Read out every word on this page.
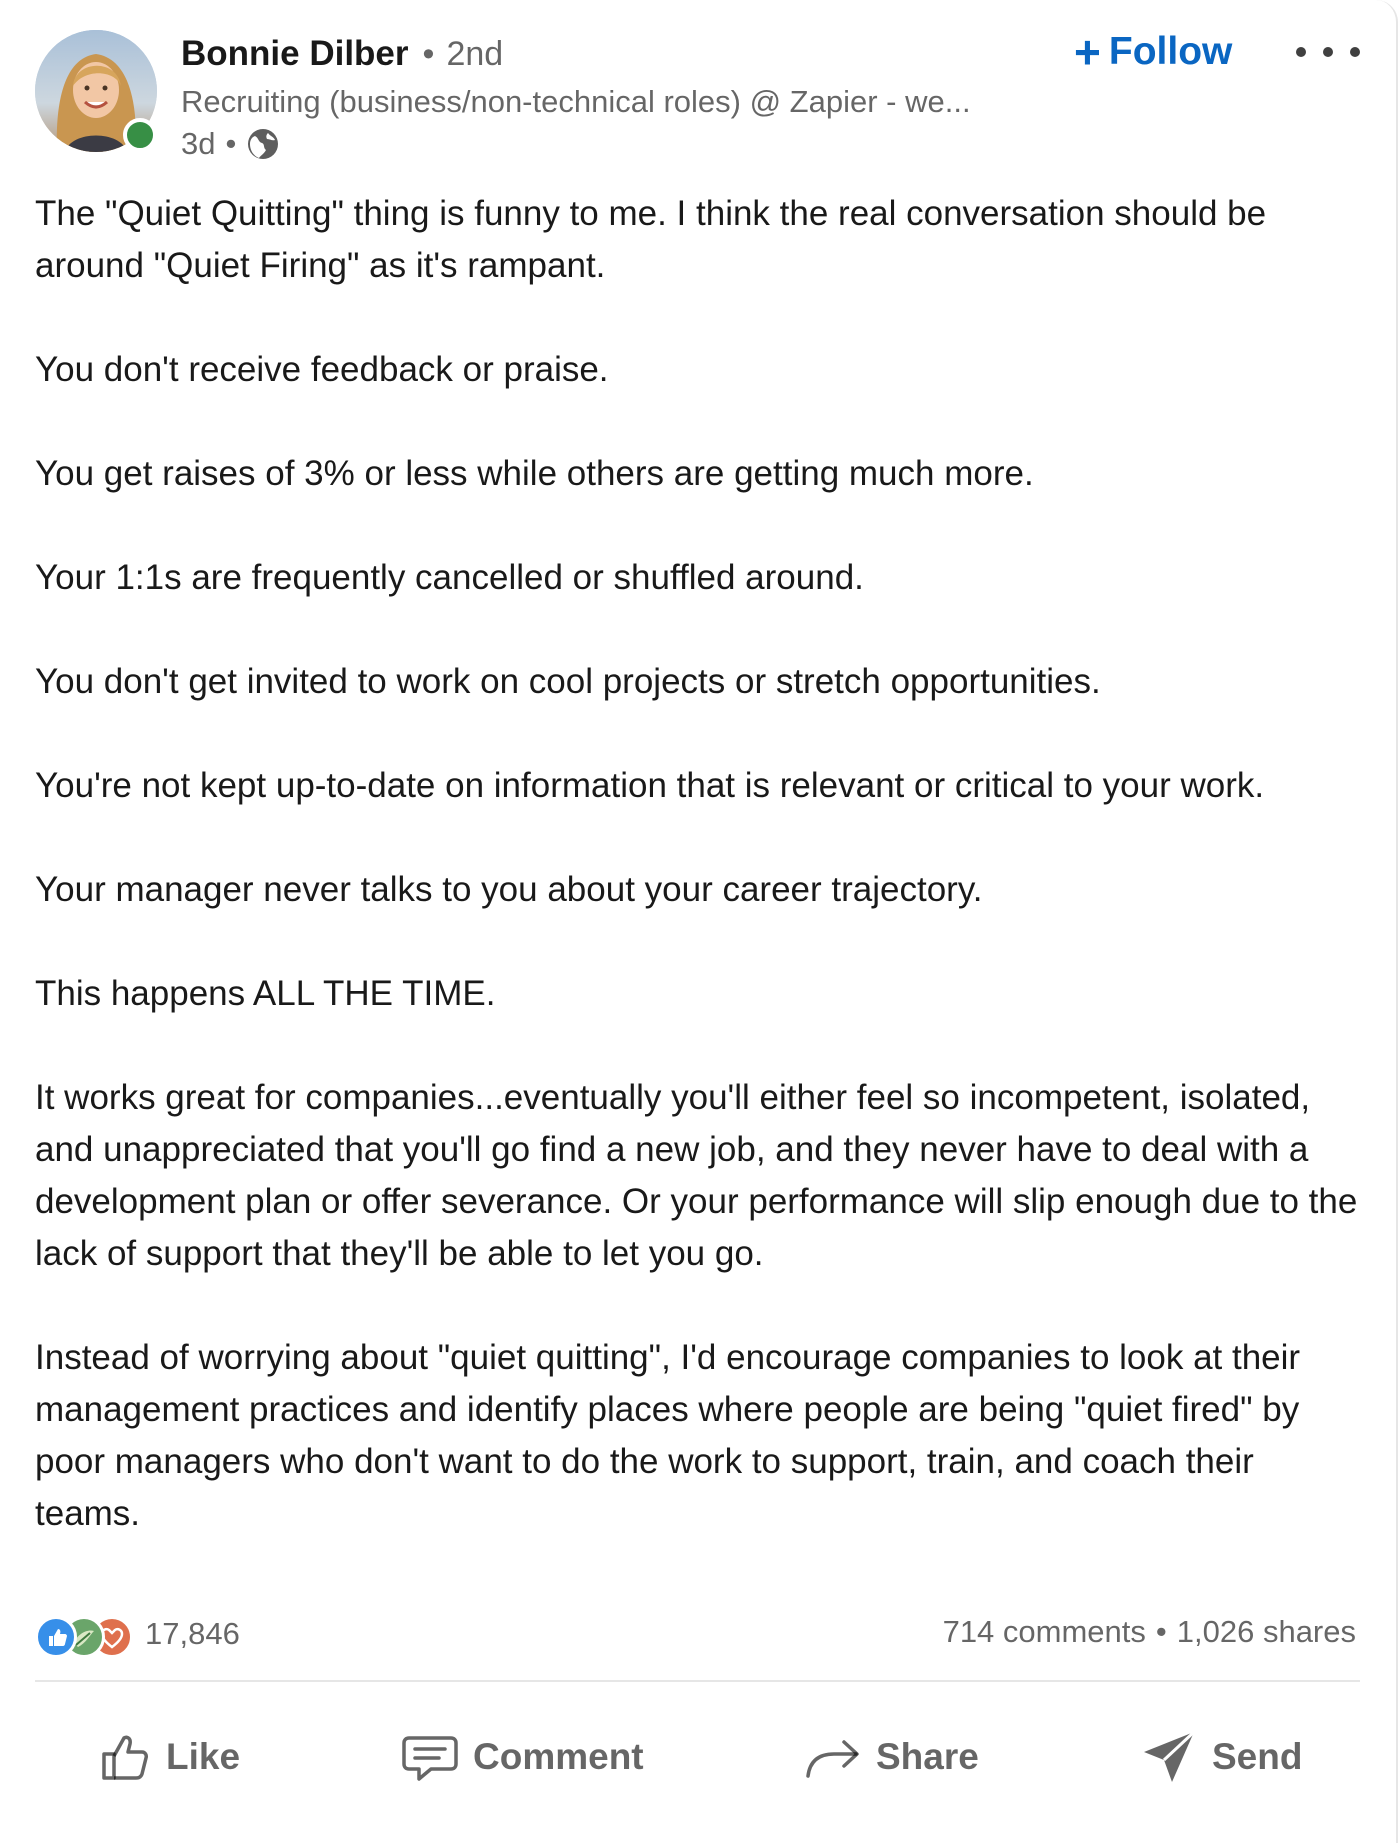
Bonnie Dilber • 2nd
Recruiting (business/non-technical roles) @ Zapier - we...
3d •
+ Follow

The "Quiet Quitting" thing is funny to me. I think the real conversation should be around "Quiet Firing" as it's rampant.

You don't receive feedback or praise.

You get raises of 3% or less while others are getting much more.

Your 1:1s are frequently cancelled or shuffled around.

You don't get invited to work on cool projects or stretch opportunities.

You're not kept up-to-date on information that is relevant or critical to your work.

Your manager never talks to you about your career trajectory.

This happens ALL THE TIME.

It works great for companies...eventually you'll either feel so incompetent, isolated, and unappreciated that you'll go find a new job, and they never have to deal with a development plan or offer severance. Or your performance will slip enough due to the lack of support that they'll be able to let you go.

Instead of worrying about "quiet quitting", I'd encourage companies to look at their management practices and identify places where people are being "quiet fired" by poor managers who don't want to do the work to support, train, and coach their teams.

17,846	714 comments • 1,026 shares
Like	Comment	Share	Send
